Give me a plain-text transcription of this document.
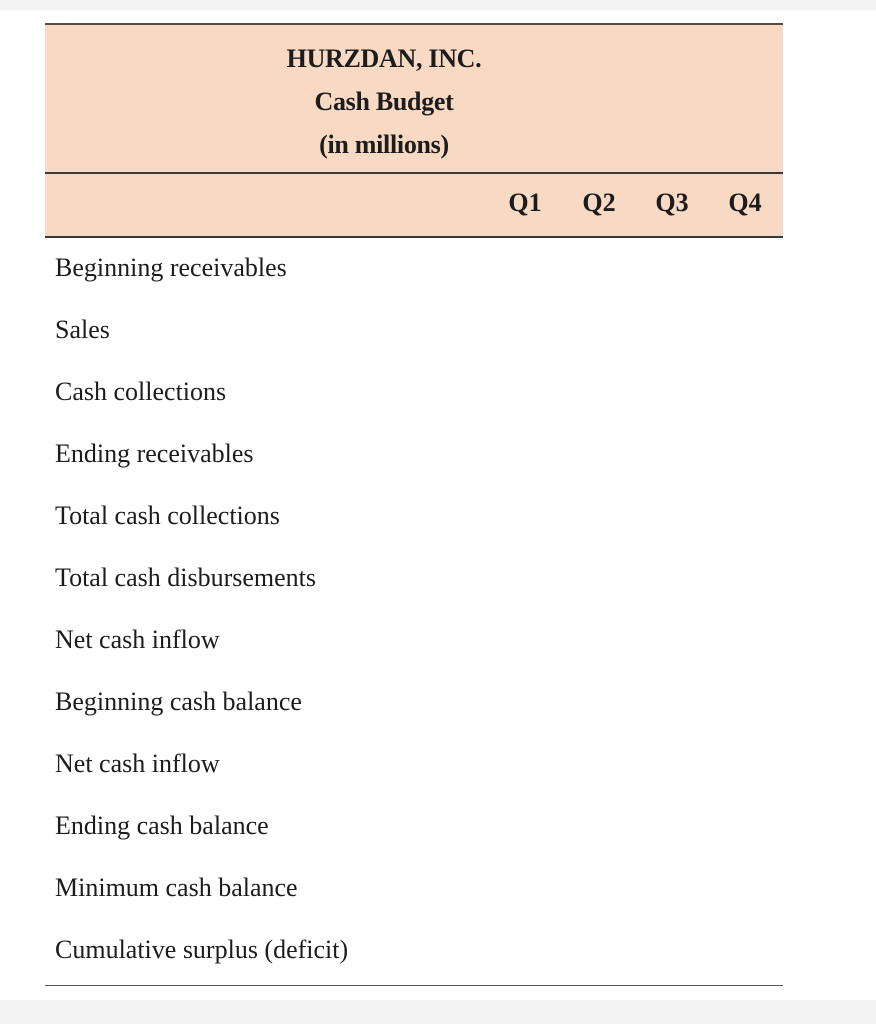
HURZDAN, INC.
Cash Budget
(in millions)
Q1	Q2	Q3	Q4
Beginning receivables
Sales
Cash collections
Ending receivables
Total cash collections
Total cash disbursements
Net cash inflow
Beginning cash balance
Net cash inflow
Ending cash balance
Minimum cash balance
Cumulative surplus (deficit)
